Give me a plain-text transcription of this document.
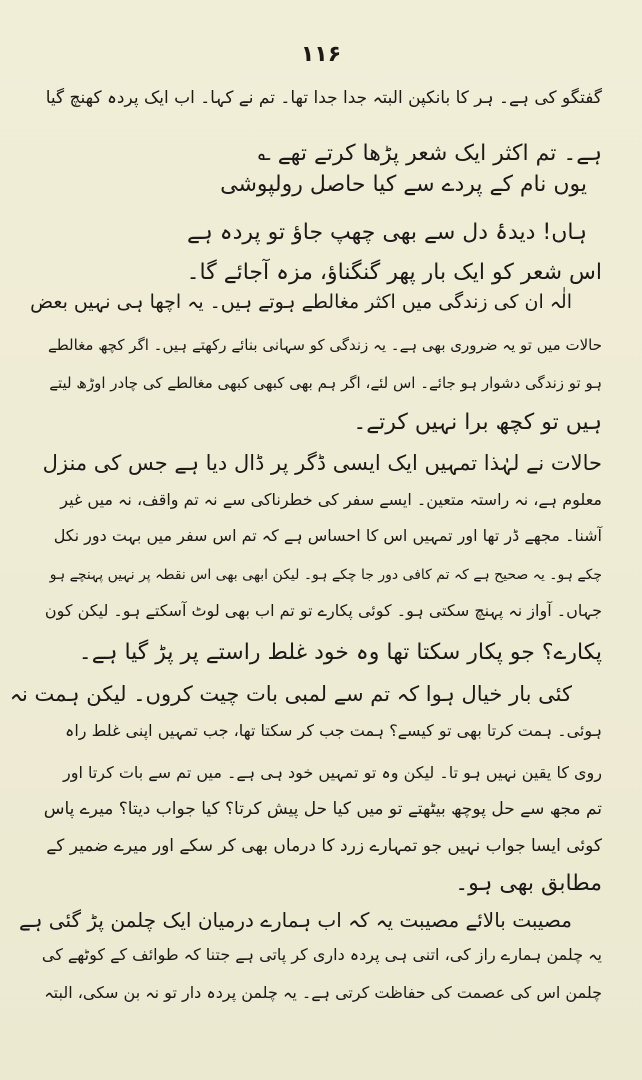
۱۱۶
گفتگو کی ہے۔ ہر کا بانکپن البتہ جدا جدا تھا۔ تم نے کہا۔ اب ایک پردہ کھنچ گیا
ہے۔ تم اکثر ایک شعر پڑھا کرتے تھے ؎
یوں نام کے پردے سے کیا حاصل رولپوشی
ہاں! دیدۂ دل سے بھی چھپ جاؤ تو پردہ ہے
اس شعر کو ایک بار پھر گنگناؤ، مزہ آجائے گا۔
الٰہ ان کی زندگی میں اکثر مغالطے ہوتے ہیں۔ یہ اچھا ہی نہیں بعض
حالات میں تو یہ ضروری بھی ہے۔ یہ زندگی کو سہانی بنائے رکھتے ہیں۔ اگر کچھ مغالطے
ہو تو زندگی دشوار ہو جائے۔ اس لئے، اگر ہم بھی کبھی کبھی مغالطے کی چادر اوڑھ لیتے
ہیں تو کچھ برا نہیں کرتے۔
حالات نے لہٰذا تمہیں ایک ایسی ڈگر پر ڈال دیا ہے جس کی منزل
معلوم ہے، نہ راستہ متعین۔ ایسے سفر کی خطرناکی سے نہ تم واقف، نہ میں غیر
آشنا۔ مجھے ڈر تھا اور تمہیں اس کا احساس ہے کہ تم اس سفر میں بہت دور نکل
چکے ہو۔ یہ صحیح ہے کہ تم کافی دور جا چکے ہو۔ لیکن ابھی بھی اس نقطہ پر نہیں پہنچے ہو
جہاں۔ آواز نہ پہنچ سکتی ہو۔ کوئی پکارے تو تم اب بھی لوٹ آسکتے ہو۔ لیکن کون
پکارے؟ جو پکار سکتا تھا وہ خود غلط راستے پر پڑ گیا ہے۔
کئی بار خیال ہوا کہ تم سے لمبی بات چیت کروں۔ لیکن ہمت نہ
ہوئی۔ ہمت کرتا بھی تو کیسے؟ ہمت جب کر سکتا تھا، جب تمہیں اپنی غلط راہ
روی کا یقین نہیں ہو تا۔ لیکن وہ تو تمہیں خود ہی ہے۔ میں تم سے بات کرتا اور
تم مجھ سے حل پوچھ بیٹھتے تو میں کیا حل پیش کرتا؟ کیا جواب دیتا؟ میرے پاس
کوئی ایسا جواب نہیں جو تمہارے زرد کا درماں بھی کر سکے اور میرے ضمیر کے
مطابق بھی ہو۔
مصیبت بالائے مصیبت یہ کہ اب ہمارے درمیان ایک چلمن پڑ گئی ہے
یہ چلمن ہمارے راز کی، اتنی ہی پردہ داری کر پاتی ہے جتنا کہ طوائف کے کوٹھے کی
چلمن اس کی عصمت کی حفاظت کرتی ہے۔ یہ چلمن پردہ دار تو نہ بن سکی، البتہ
